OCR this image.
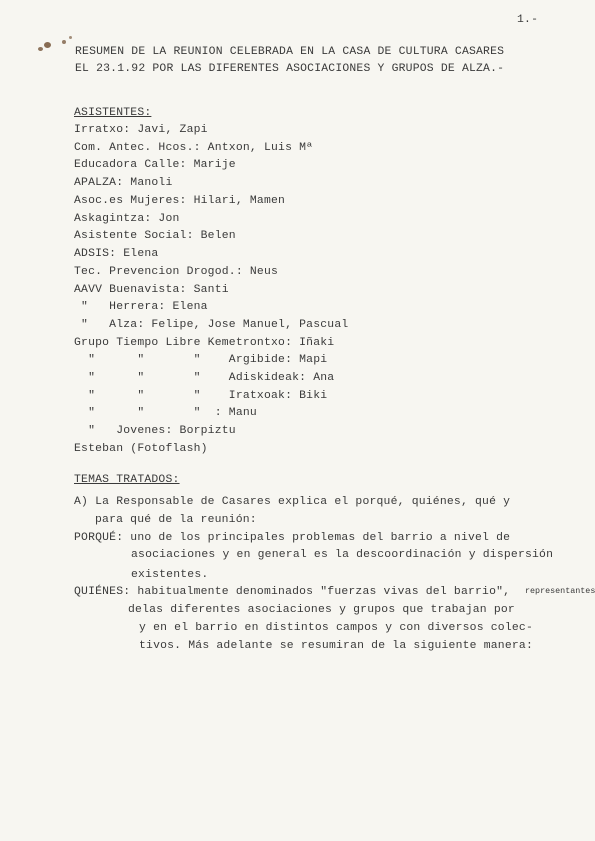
1.-
RESUMEN DE LA REUNION CELEBRADA EN LA CASA DE CULTURA CASARES
EL 23.1.92 POR LAS DIFERENTES ASOCIACIONES Y GRUPOS DE ALZA.-
ASISTENTES:
Irratxo: Javi, Zapi
Com. Antec. Hcos.: Antxon, Luis Mª
Educadora Calle: Marije
APALZA: Manoli
Asoc.es Mujeres: Hilari, Mamen
Askagintza: Jon
Asistente Social: Belen
ADSIS: Elena
Tec. Prevencion Drogod.: Neus
AAVV Buenavista: Santi
"   Herrera: Elena
"   Alza: Felipe, Jose Manuel, Pascual
Grupo Tiempo Libre Kemetrontxo: Iñaki
"      "       "    Argibide: Mapi
"      "       "    Adiskideak: Ana
"      "       "    Iratxoak: Biki
"      "       "  : Manu
"   Jovenes: Borpiztu
Esteban (Fotoflash)
TEMAS TRATADOS:
A) La Responsable de Casares explica el porqué, quiénes, qué y
para qué de la reunión:
PORQUÉ: uno de los principales problemas del barrio a nivel de
asociaciones y en general es la descoordinación y dispersión
existentes.
QUIÉNES: habitualmente denominados "fuerzas vivas del barrio", representantes
delas diferentes asociaciones y grupos que trabajan por
y en el barrio en distintos campos y con diversos colec-
tivos. Más adelante se resumiran de la siguiente manera:
